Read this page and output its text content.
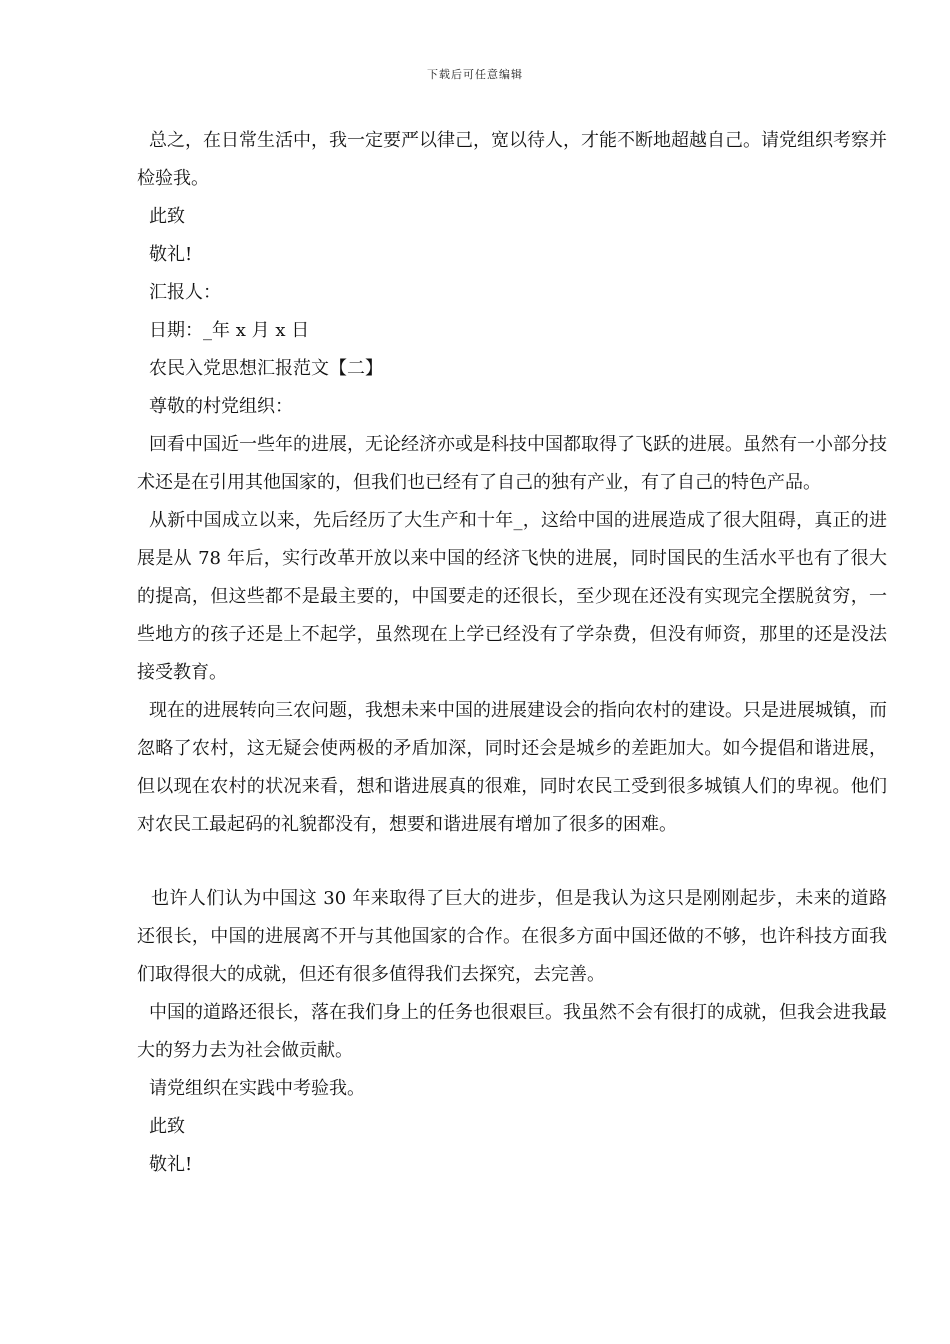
下载后可任意编辑

总之，在日常生活中，我一定要严以律己，宽以待人，才能不断地超越自己。请党组织考察并检验我。

此致

敬礼!

汇报人：

日期：_年 x 月 x 日

农民入党思想汇报范文【二】

尊敬的村党组织：

回看中国近一些年的进展，无论经济亦或是科技中国都取得了飞跃的进展。虽然有一小部分技术还是在引用其他国家的，但我们也已经有了自己的独有产业，有了自己的特色产品。

从新中国成立以来，先后经历了大生产和十年_，这给中国的进展造成了很大阻碍，真正的进展是从 78 年后，实行改革开放以来中国的经济飞快的进展，同时国民的生活水平也有了很大的提高，但这些都不是最主要的，中国要走的还很长，至少现在还没有实现完全摆脱贫穷，一些地方的孩子还是上不起学，虽然现在上学已经没有了学杂费，但没有师资，那里的还是没法接受教育。

现在的进展转向三农问题，我想未来中国的进展建设会的指向农村的建设。只是进展城镇，而忽略了农村，这无疑会使两极的矛盾加深，同时还会是城乡的差距加大。如今提倡和谐进展，但以现在农村的状况来看，想和谐进展真的很难，同时农民工受到很多城镇人们的卑视。他们对农民工最起码的礼貌都没有，想要和谐进展有增加了很多的困难。

也许人们认为中国这 30 年来取得了巨大的进步，但是我认为这只是刚刚起步，未来的道路还很长，中国的进展离不开与其他国家的合作。在很多方面中国还做的不够，也许科技方面我们取得很大的成就，但还有很多值得我们去探究，去完善。

中国的道路还很长，落在我们身上的任务也很艰巨。我虽然不会有很打的成就，但我会进我最大的努力去为社会做贡献。

请党组织在实践中考验我。

此致

敬礼!
